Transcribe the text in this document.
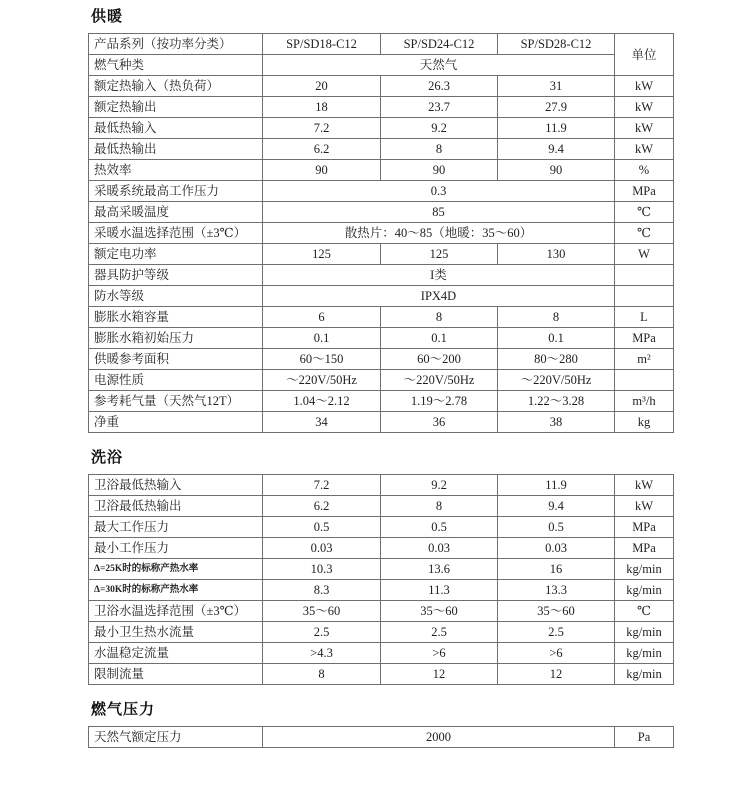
供暖
产品系列（按功率分类）	SP/SD18-C12	SP/SD24-C12	SP/SD28-C12	单位
燃气种类	天然气			
额定热输入（热负荷）	20	26.3	31	kW
额定热输出	18	23.7	27.9	kW
最低热输入	7.2	9.2	11.9	kW
最低热输出	6.2	8	9.4	kW
热效率	90	90	90	%
采暖系统最高工作压力	0.3			MPa
最高采暖温度	85			℃
采暖水温选择范围（±3℃）	散热片：40～85（地暖：35～60）			℃
额定电功率	125	125	130	W
器具防护等级	I类			
防水等级	IPX4D			
膨胀水箱容量	6	8	8	L
膨胀水箱初始压力	0.1	0.1	0.1	MPa
供暖参考面积	60～150	60～200	80～280	m²
电源性质	～220V/50Hz	～220V/50Hz	～220V/50Hz	
参考耗气量（天然气12T）	1.04～2.12	1.19～2.78	1.22～3.28	m³/h
净重	34	36	38	kg
洗浴
卫浴最低热输入	7.2	9.2	11.9	kW
卫浴最低热输出	6.2	8	9.4	kW
最大工作压力	0.5	0.5	0.5	MPa
最小工作压力	0.03	0.03	0.03	MPa
Δ=25K时的标称产热水率	10.3	13.6	16	kg/min
Δ=30K时的标称产热水率	8.3	11.3	13.3	kg/min
卫浴水温选择范围（±3℃）	35～60	35～60	35～60	℃
最小卫生热水流量	2.5	2.5	2.5	kg/min
水温稳定流量	>4.3	>6	>6	kg/min
限制流量	8	12	12	kg/min
燃气压力
天然气额定压力	2000	Pa
